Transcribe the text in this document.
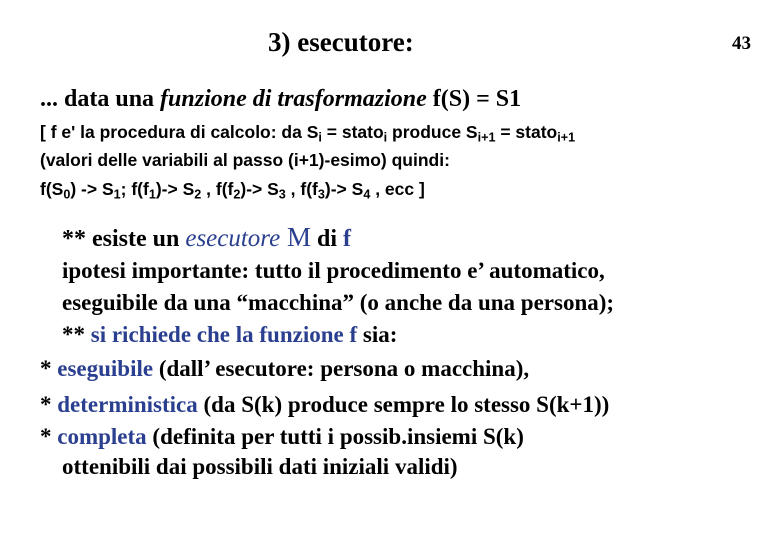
3) esecutore:	43
... data una funzione di trasformazione f(S) = S1
[ f e' la procedura di calcolo: da $S_i$ = stato$_i$ produce $S_{i+1}$ = stato$_{i+1}$
(valori delle variabili al passo (i+1)-esimo) quindi:
$f(S_0) -> S_1$; $f(f_1)-> S_2$ , $f(f_2)-> S_3$ , $f(f_3)-> S_4$ , ecc ]
** esiste un esecutore M di f
ipotesi importante: tutto il procedimento e’ automatico,
eseguibile da una “macchina” (o anche da una persona);
** si richiede che la funzione f sia:
* eseguibile (dall’ esecutore: persona o macchina),
* deterministica (da S(k) produce sempre lo stesso S(k+1))
* completa (definita per tutti i possib.insiemi S(k)
ottenibili dai possibili dati iniziali validi)
